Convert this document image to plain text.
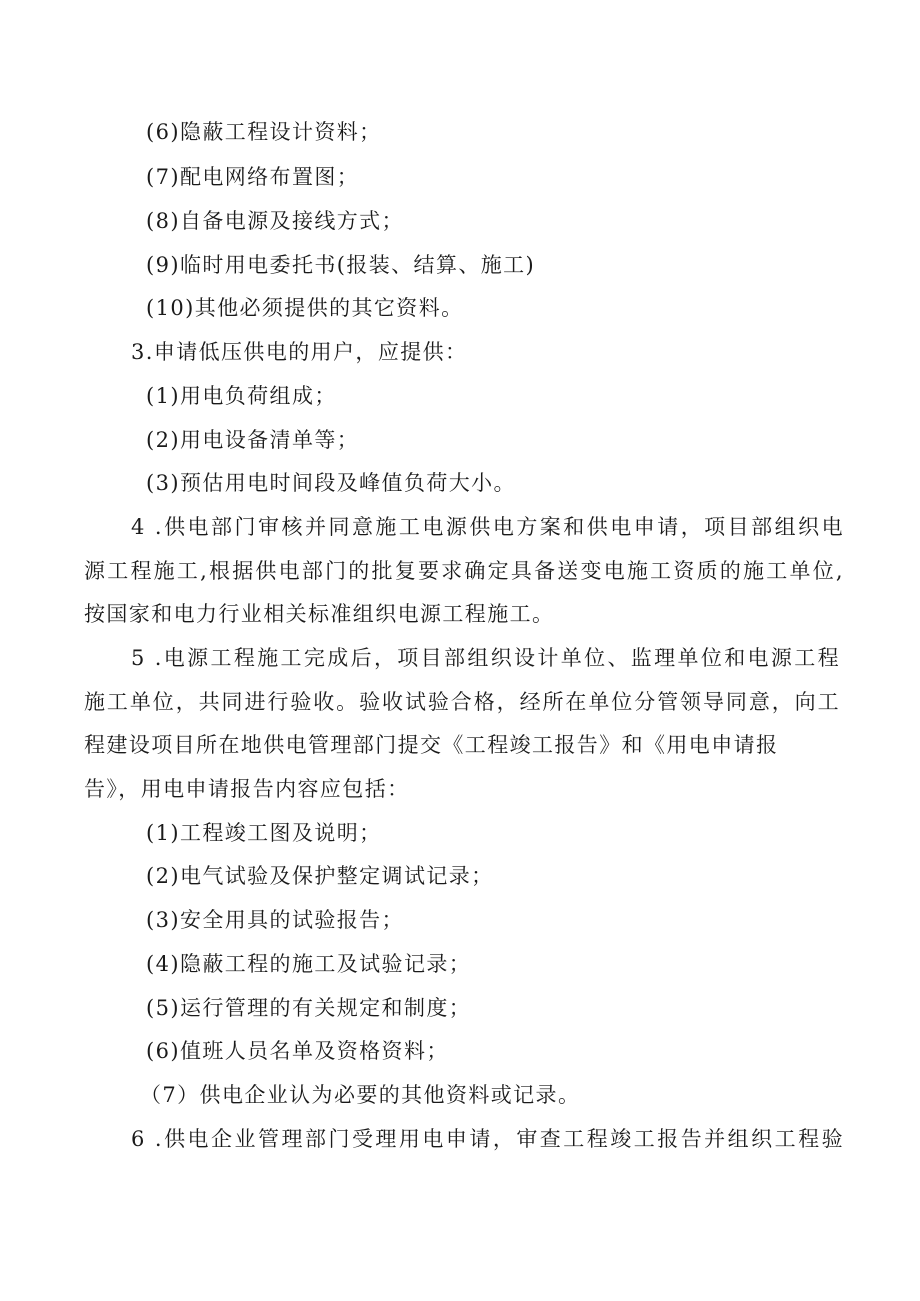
(6)隐蔽工程设计资料；
(7)配电网络布置图；
(8)自备电源及接线方式；
(9)临时用电委托书(报装、结算、施工)
(10)其他必须提供的其它资料。
3.申请低压供电的用户，应提供：
(1)用电负荷组成；
(2)用电设备清单等；
(3)预估用电时间段及峰值负荷大小。
4 .供电部门审核并同意施工电源供电方案和供电申请，项目部组织电
源工程施工,根据供电部门的批复要求确定具备送变电施工资质的施工单位,
按国家和电力行业相关标准组织电源工程施工。
5 .电源工程施工完成后，项目部组织设计单位、监理单位和电源工程
施工单位，共同进行验收。验收试验合格，经所在单位分管领导同意，向工
程建设项目所在地供电管理部门提交《工程竣工报告》和《用电申请报
告》，用电申请报告内容应包括：
(1)工程竣工图及说明；
(2)电气试验及保护整定调试记录；
(3)安全用具的试验报告；
(4)隐蔽工程的施工及试验记录；
(5)运行管理的有关规定和制度；
(6)值班人员名单及资格资料；
（7）供电企业认为必要的其他资料或记录。
6 .供电企业管理部门受理用电申请，审查工程竣工报告并组织工程验
